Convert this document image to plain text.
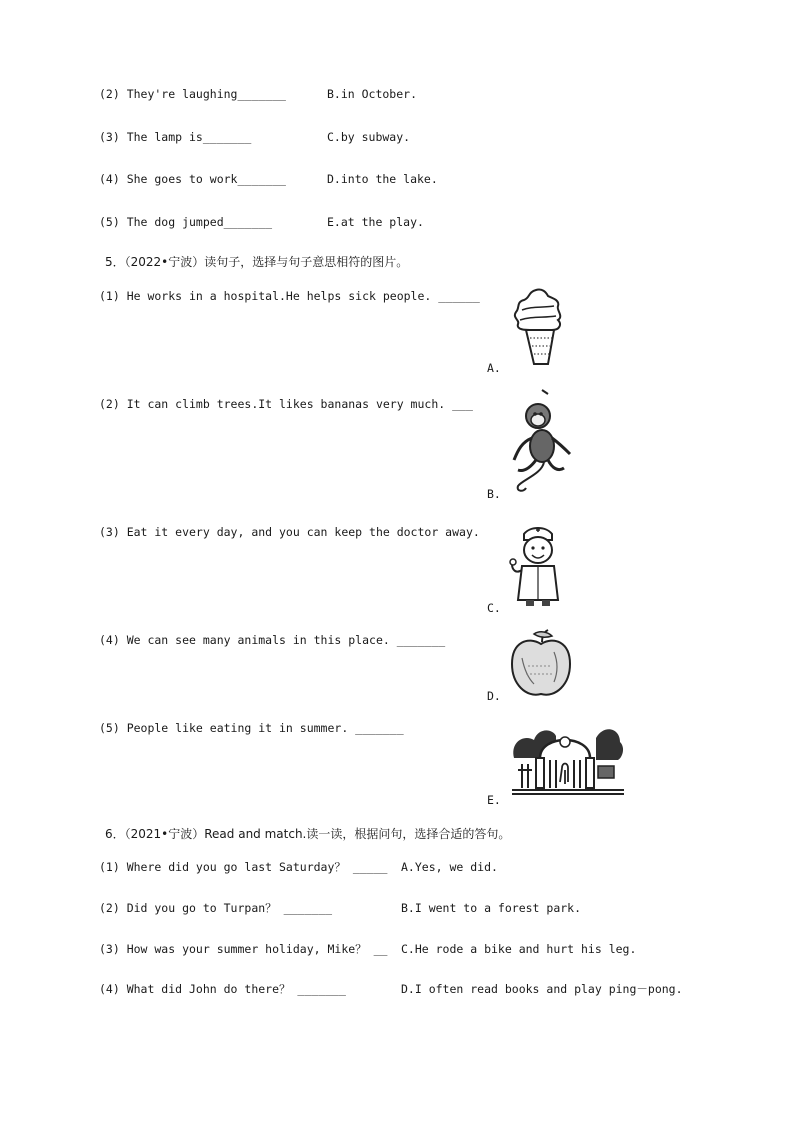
(2) They're laughing_______	B.in October.
(3) The lamp is_______	C.by subway.
(4) She goes to work_______	D.into the lake.
(5) The dog jumped_______	E.at the play.
5．（2022•宁波）读句子，选择与句子意思相符的图片。
(1) He works in a hospital.He helps sick people. ______
(2) It can climb trees.It likes bananas very much. ___
(3) Eat it every day, and you can keep the doctor away.
(4) We can see many animals in this place. _______
(5) People like eating it in summer. _______
A.
B.
C.
D.
E.
6．（2021•宁波）Read and match.读一读，根据问句，选择合适的答句。
(1) Where did you go last Saturday？ _____ A.Yes, we did.
(2) Did you go to Turpan？ _______	B.I went to a forest park.
(3) How was your summer holiday, Mike？ __ C.He rode a bike and hurt his leg.
(4) What did John do there？ _______	D.I often read books and play ping－pong.
